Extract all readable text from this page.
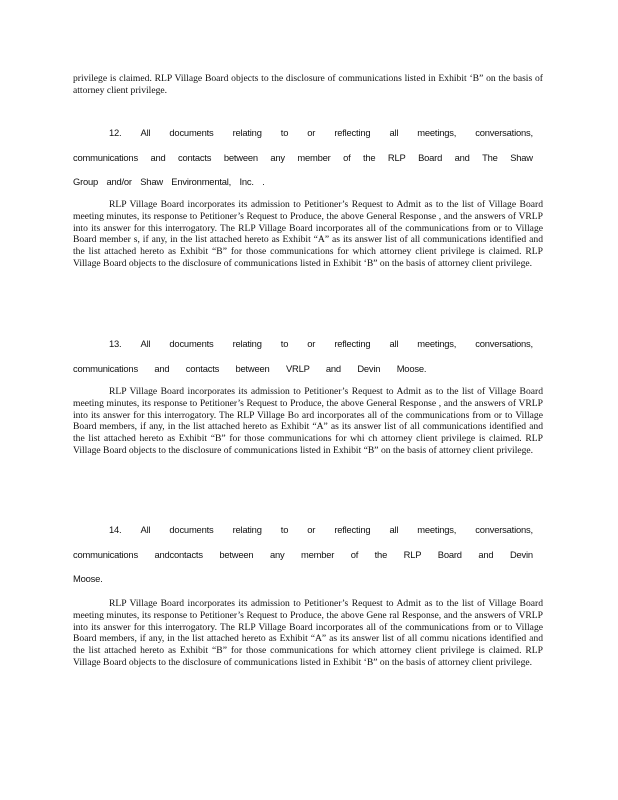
privilege is claimed. RLP Village Board objects to the disclosure of communications listed in Exhibit ‘B” on the basis of attorney client privilege.

12. All documents relating to or reflecting all meetings, conversations,
communications and contacts between any member of the RLP Board and The Shaw
Group and/or Shaw Environmental, Inc. .

RLP Village Board incorporates its admission to Petitioner’s Request to Admit as to the list of Village Board meeting minutes, its response to Petitioner’s Request to Produce, the above General Response , and the answers of VRLP into its answer for this interrogatory. The RLP Village Board incorporates all of the communications from or to Village Board member s, if any, in the list attached hereto as Exhibit “A” as its answer list of all communications identified and the list attached hereto as Exhibit “B” for those communications for which attorney client privilege is claimed. RLP Village Board objects to the disclosure of communications listed in Exhibit ‘B” on the basis of attorney client privilege.

13. All documents relating to or reflecting all meetings, conversations,
communications and contacts between VRLP and Devin Moose.

RLP Village Board incorporates its admission to Petitioner’s Request to Admit as to the list of Village Board meeting minutes, its response to Petitioner’s Request to Produce, the above General Response , and the answers of VRLP into its answer for this interrogatory. The RLP Village Bo ard incorporates all of the communications from or to Village Board members, if any, in the list attached hereto as Exhibit “A” as its answer list of all communications identified and the list attached hereto as Exhibit “B” for those communications for whi ch attorney client privilege is claimed. RLP Village Board objects to the disclosure of communications listed in Exhibit “B” on the basis of attorney client privilege.

14. All documents relating to or reflecting all meetings, conversations,
communications andcontacts between any member of the RLP Board and Devin
Moose.

RLP Village Board incorporates its admission to Petitioner’s Request to Admit as to the list of Village Board meeting minutes, its response to Petitioner’s Request to Produce, the above Gene ral Response, and the answers of VRLP into its answer for this interrogatory. The RLP Village Board incorporates all of the communications from or to Village Board members, if any, in the list attached hereto as Exhibit “A” as its answer list of all commu nications identified and the list attached hereto as Exhibit “B” for those communications for which attorney client privilege is claimed. RLP Village Board objects to the disclosure of communications listed in Exhibit ‘B” on the basis of attorney client privilege.
